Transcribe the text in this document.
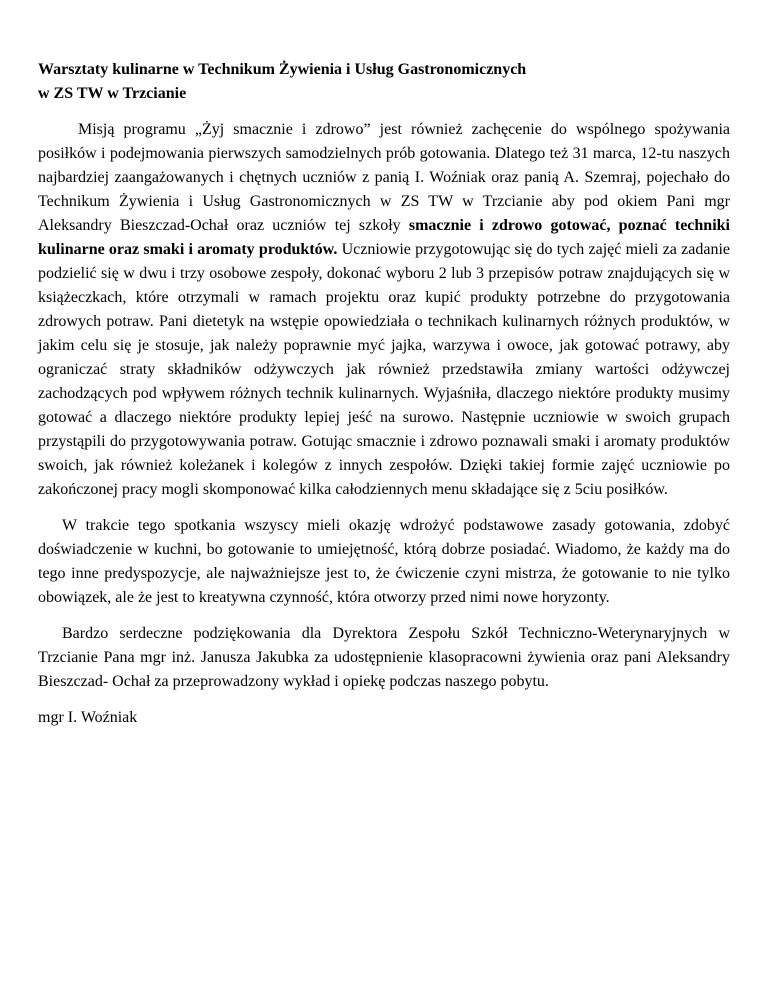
Warsztaty kulinarne w Technikum Żywienia i Usług Gastronomicznych
w ZS TW w Trzcianie

Misją programu „Żyj smacznie i zdrowo” jest również zachęcenie do wspólnego spożywania posiłków i podejmowania pierwszych samodzielnych prób gotowania. Dlatego też 31 marca, 12-tu naszych najbardziej zaangażowanych i chętnych uczniów z panią I. Woźniak oraz panią A. Szemraj, pojechało do Technikum Żywienia i Usług Gastronomicznych w ZS TW w Trzcianie aby pod okiem Pani mgr Aleksandry Bieszczad-Ochał oraz uczniów tej szkoły smacznie i zdrowo gotować, poznać techniki kulinarne oraz smaki i aromaty produktów. Uczniowie przygotowując się do tych zajęć mieli za zadanie podzielić się w dwu i trzy osobowe zespoły, dokonać wyboru 2 lub 3 przepisów potraw znajdujących się w książeczkach, które otrzymali w ramach projektu oraz kupić produkty potrzebne do przygotowania zdrowych potraw. Pani dietetyk na wstępie opowiedziała o technikach kulinarnych różnych produktów, w jakim celu się je stosuje, jak należy poprawnie myć jajka, warzywa i owoce, jak gotować potrawy, aby ograniczać straty składników odżywczych jak również przedstawiła zmiany wartości odżywczej zachodzących pod wpływem różnych technik kulinarnych. Wyjaśniła, dlaczego niektóre produkty musimy gotować a dlaczego niektóre produkty lepiej jeść na surowo. Następnie uczniowie w swoich grupach przystąpili do przygotowywania potraw. Gotując smacznie i zdrowo poznawali smaki i aromaty produktów swoich, jak również koleżanek i kolegów z innych zespołów. Dzięki takiej formie zajęć uczniowie po zakończonej pracy mogli skomponować kilka całodziennych menu składające się z 5ciu posiłków.

W trakcie tego spotkania wszyscy mieli okazję wdrożyć podstawowe zasady gotowania, zdobyć doświadczenie w kuchni, bo gotowanie to umiejętność, którą dobrze posiadać. Wiadomo, że każdy ma do tego inne predyspozycje, ale najważniejsze jest to, że ćwiczenie czyni mistrza, że gotowanie to nie tylko obowiązek, ale że jest to kreatywna czynność, która otworzy przed nimi nowe horyzonty.

Bardzo serdeczne podziękowania dla Dyrektora Zespołu Szkół Techniczno-Weterynaryjnych w Trzcianie Pana mgr inż. Janusza Jakubka za udostępnienie klasopracowni żywienia oraz pani Aleksandry Bieszczad- Ochał za przeprowadzony wykład i opiekę podczas naszego pobytu.

mgr I. Woźniak
